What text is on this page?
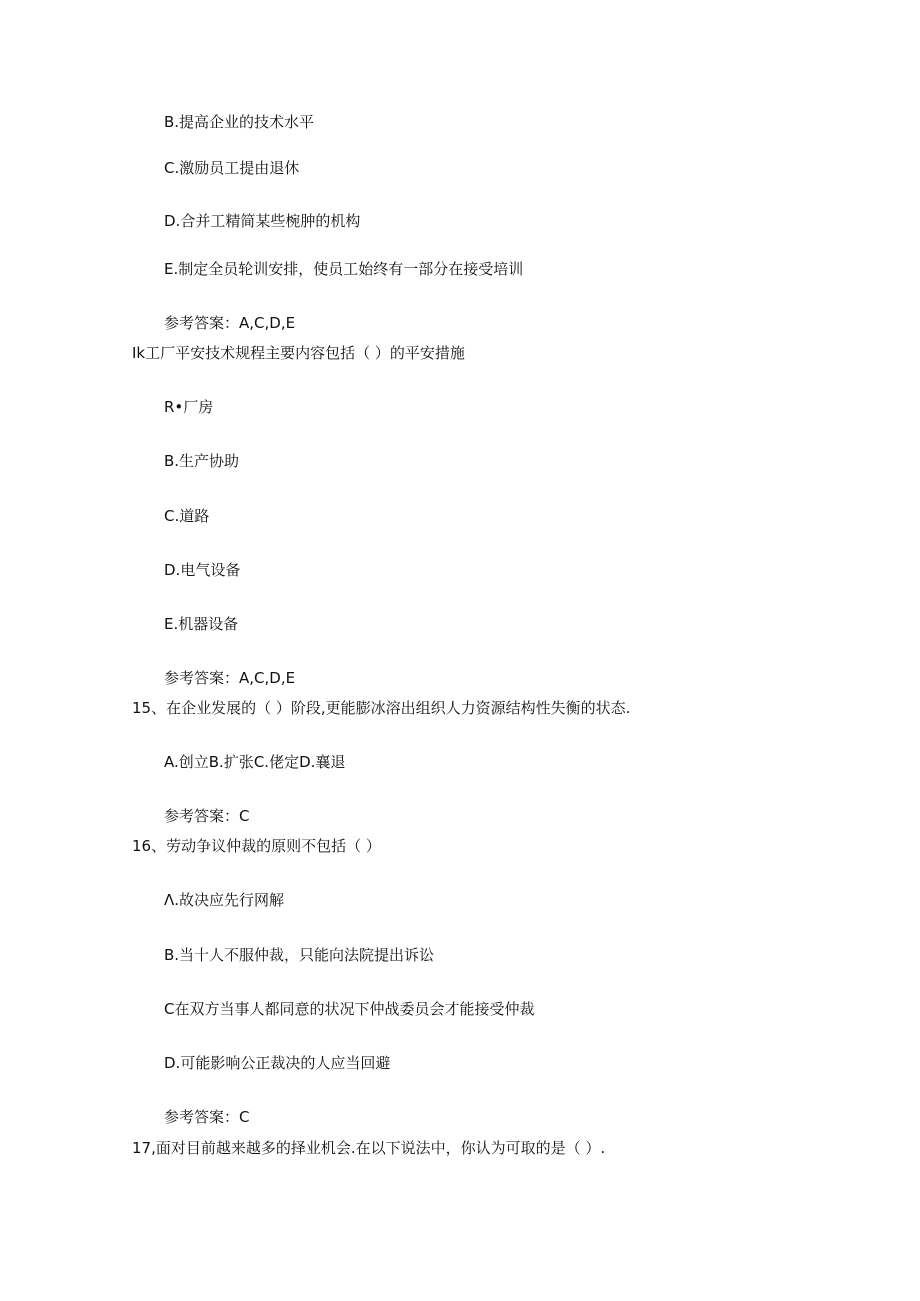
B.提高企业的技术水平
C.激励员工提由退休
D.合并工精简某些椀肿的机构
E.制定全员轮训安排，使员工始终有一部分在接受培训
参考答案：A,C,D,E
Ik工厂平安技术规程主要内容包括（ ）的平安措施
R•厂房
B.生产协助
C.道路
D.电气设备
E.机器设备
参考答案：A,C,D,E
15、在企业发展的（ ）阶段,更能膨冰溶出组织人力资源结构性失衡的状态.
A.创立B.扩张C.佬定D.襄退
参考答案：C
16、劳动争议仲裁的原则不包括（ ）
Λ.故决应先行网解
B.当十人不服仲裁，只能向法院提出诉讼
C在双方当事人都同意的状况下仲战委员会才能接受仲裁
D.可能影响公正裁决的人应当回避
参考答案：C
17,面对目前越来越多的择业机会.在以下说法中，你认为可取的是（ ）.
